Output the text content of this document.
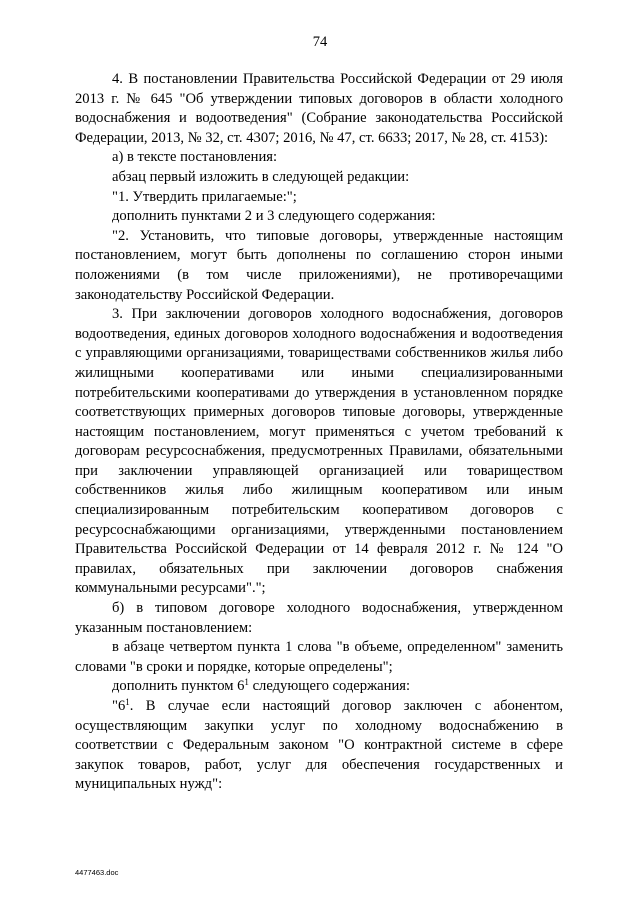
74

4. В постановлении Правительства Российской Федерации от 29 июля 2013 г. № 645 "Об утверждении типовых договоров в области холодного водоснабжения и водоотведения" (Собрание законодательства Российской Федерации, 2013, № 32, ст. 4307; 2016, № 47, ст. 6633; 2017, № 28, ст. 4153):

а) в тексте постановления:

абзац первый изложить в следующей редакции:

"1. Утвердить прилагаемые:";

дополнить пунктами 2 и 3 следующего содержания:

"2. Установить, что типовые договоры, утвержденные настоящим постановлением, могут быть дополнены по соглашению сторон иными положениями (в том числе приложениями), не противоречащими законодательству Российской Федерации.

3. При заключении договоров холодного водоснабжения, договоров водоотведения, единых договоров холодного водоснабжения и водоотведения с управляющими организациями, товариществами собственников жилья либо жилищными кооперативами или иными специализированными потребительскими кооперативами до утверждения в установленном порядке соответствующих примерных договоров типовые договоры, утвержденные настоящим постановлением, могут применяться с учетом требований к договорам ресурсоснабжения, предусмотренных Правилами, обязательными при заключении управляющей организацией или товариществом собственников жилья либо жилищным кооперативом или иным специализированным потребительским кооперативом договоров с ресурсоснабжающими организациями, утвержденными постановлением Правительства Российской Федерации от 14 февраля 2012 г. № 124 "О правилах, обязательных при заключении договоров снабжения коммунальными ресурсами".";

б) в типовом договоре холодного водоснабжения, утвержденном указанным постановлением:

в абзаце четвертом пункта 1 слова "в объеме, определенном" заменить словами "в сроки и порядке, которые определены";

дополнить пунктом $6^1$ следующего содержания:

"$6^1$. В случае если настоящий договор заключен с абонентом, осуществляющим закупки услуг по холодному водоснабжению в соответствии с Федеральным законом "О контрактной системе в сфере закупок товаров, работ, услуг для обеспечения государственных и муниципальных нужд":

4477463.doc
